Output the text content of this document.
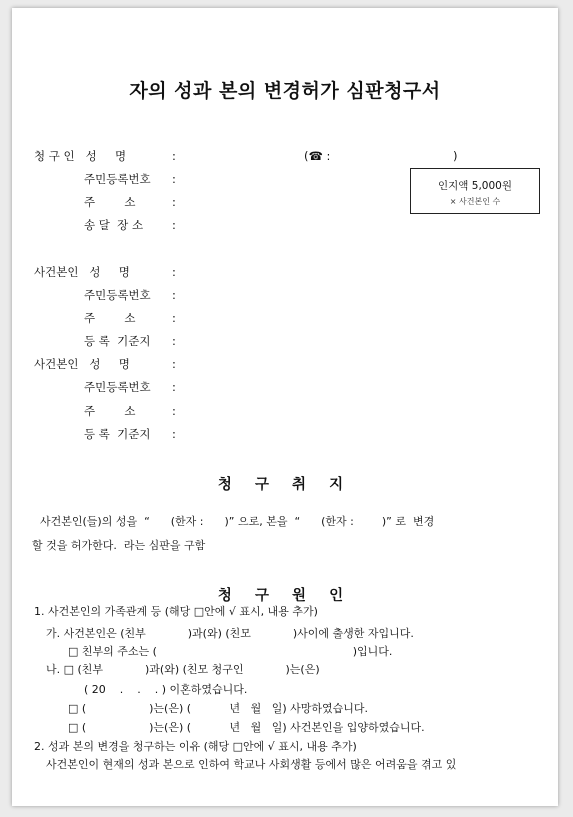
자의 성과 본의 변경허가 심판청구서
청 구 인   성     명	:	(☎ :	)
주민등록번호 :
주        소	:
송 달  장 소	:
인지액 5,000원
× 사건본인 수
사건본인   성     명	:
주민등록번호 :
주        소	:
등 록  기준지 :
사건본인   성     명	:
주민등록번호 :
주        소	:
등 록  기준지 :
청 구 취 지
사건본인(들)의 성을  “      (한자 :      )” 으로, 본을  “      (한자 :        )” 로  변경
할 것을 허가한다.  라는 심판을 구함
청 구 원 인
1. 사건본인의 가족관계 등 (해당 □안에 √ 표시, 내용 추가)
가. 사건본인은 (친부            )과(와) (친모            )사이에 출생한 자입니다.
□ 친부의 주소는 (                                                        )입니다.
나. □ (친부            )과(와) (친모 청구인            )는(은)
( 20    .    .    . ) 이혼하였습니다.
□ (                  )는(은) (           년   월   일) 사망하였습니다.
□ (                  )는(은) (           년   월   일) 사건본인을 입양하였습니다.
2. 성과 본의 변경을 청구하는 이유 (해당 □안에 √ 표시, 내용 추가)
사건본인이 현재의 성과 본으로 인하여 학교나 사회생활 등에서 많은 어려움을 겪고 있
